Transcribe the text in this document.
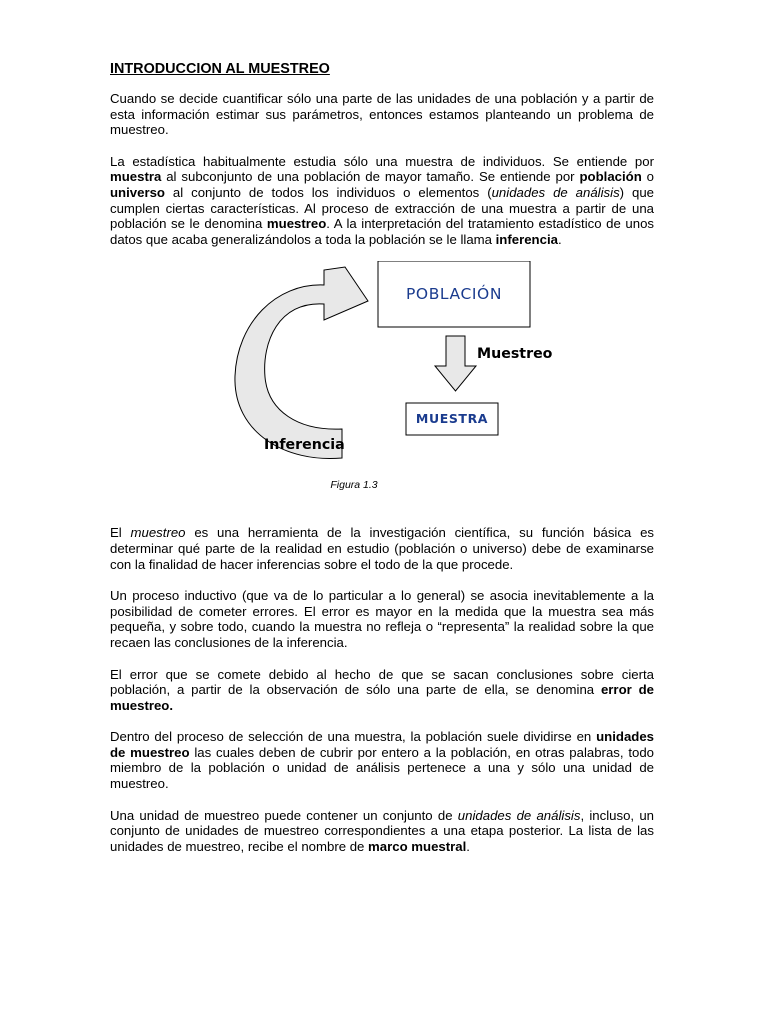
INTRODUCCION AL MUESTREO

Cuando se decide cuantificar sólo una parte de las unidades de una población y a partir de esta información estimar sus parámetros, entonces estamos planteando un problema de muestreo.

La estadística habitualmente estudia sólo una muestra de individuos. Se entiende por muestra al subconjunto de una población de mayor tamaño. Se entiende por población o universo al conjunto de todos los individuos o elementos (unidades de análisis) que cumplen ciertas características. Al proceso de extracción de una muestra a partir de una población se le denomina muestreo. A la interpretación del tratamiento estadístico de unos datos que acaba generalizándolos a toda la población se le llama inferencia.

POBLACIÓN
MUESTRA
Muestreo
Inferencia
Figura 1.3

El muestreo es una herramienta de la investigación científica, su función básica es determinar qué parte de la realidad en estudio (población o universo) debe de examinarse con la finalidad de hacer inferencias sobre el todo de la que procede.

Un proceso inductivo (que va de lo particular a lo general) se asocia inevitablemente a la posibilidad de cometer errores. El error es mayor en la medida que la muestra sea más pequeña, y sobre todo, cuando la muestra no refleja o “representa” la realidad sobre la que recaen las conclusiones de la inferencia.

El error que se comete debido al hecho de que se sacan conclusiones sobre cierta población, a partir de la observación de sólo una parte de ella, se denomina error de muestreo.

Dentro del proceso de selección de una muestra, la población suele dividirse en unidades de muestreo las cuales deben de cubrir por entero a la población, en otras palabras, todo miembro de la población o unidad de análisis pertenece a una y sólo una unidad de muestreo.

Una unidad de muestreo puede contener un conjunto de unidades de análisis, incluso, un conjunto de unidades de muestreo correspondientes a una etapa posterior. La lista de las unidades de muestreo, recibe el nombre de marco muestral.
